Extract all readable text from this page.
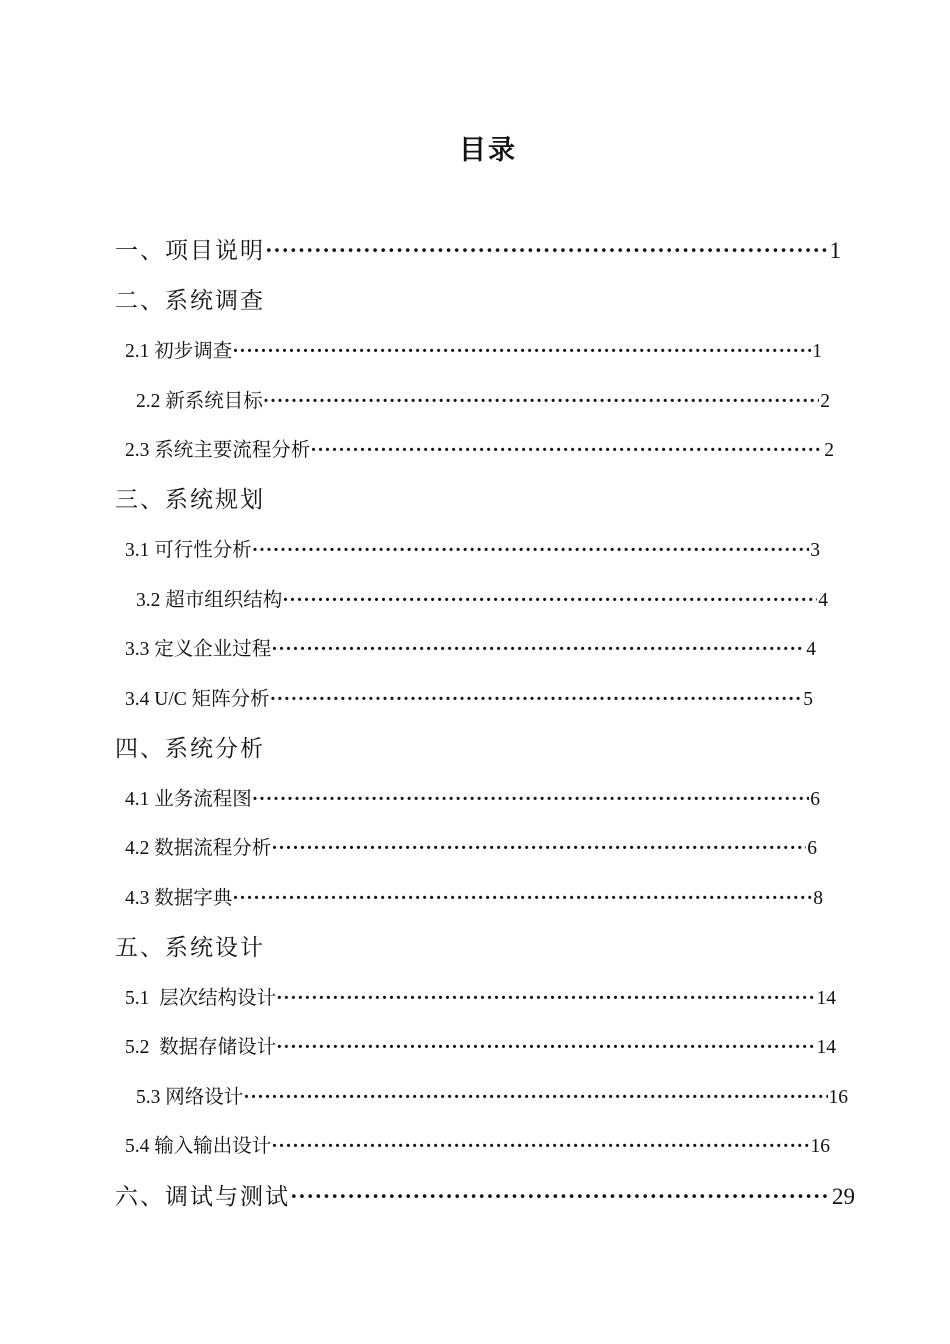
目录
一、项目说明 ·····	1
二、系统调查
2.1 初步调查 ·····	1
2.2 新系统目标 ·····	2
2.3 系统主要流程分析 ·····	2
三、系统规划
3.1 可行性分析 ·····	3
3.2 超市组织结构 ·····	4
3.3 定义企业过程 ·····	4
3.4 U/C 矩阵分析 ·····	5
四、系统分析
4.1 业务流程图 ·····	6
4.2 数据流程分析 ·····	6
4.3 数据字典 ·····	8
五、系统设计
5.1  层次结构设计 ·····	14
5.2  数据存储设计 ·····	14
5.3 网络设计 ·····	16
5.4 输入输出设计 ·····	16
六、调试与测试 ·····	29
